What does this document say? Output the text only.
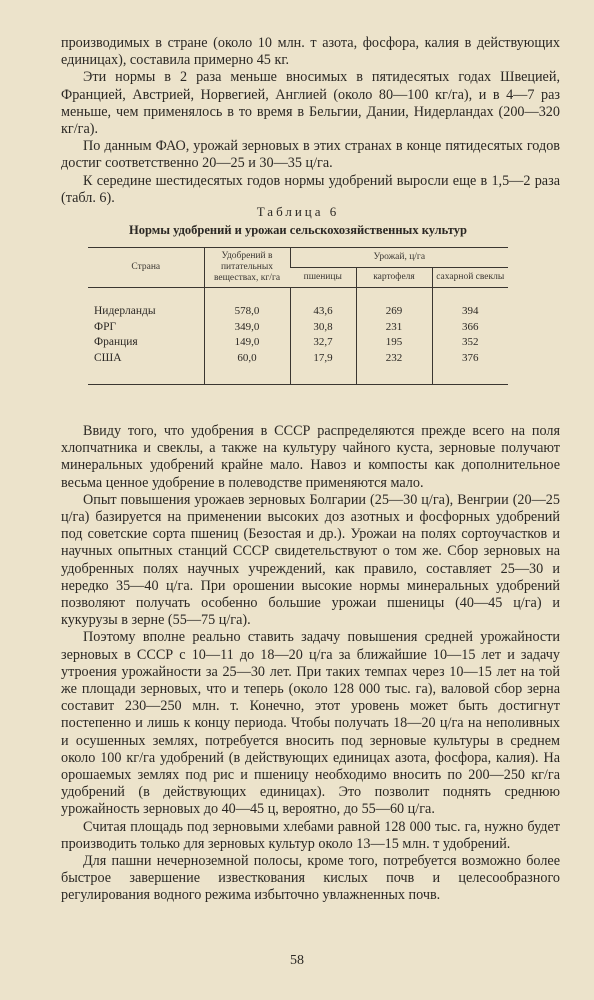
производимых в стране (около 10 млн. т азота, фосфора, калия в действующих единицах), составила примерно 45 кг.

Эти нормы в 2 раза меньше вносимых в пятидесятых годах Швецией, Францией, Австрией, Норвегией, Англией (около 80—100 кг/га), и в 4—7 раз меньше, чем применялось в то время в Бельгии, Дании, Нидерландах (200—320 кг/га).

По данным ФАО, урожай зерновых в этих странах в конце пятидесятых годов достиг соответственно 20—25 и 30—35 ц/га.

К середине шестидесятых годов нормы удобрений выросли еще в 1,5—2 раза (табл. 6).

Таблица 6
Нормы удобрений и урожаи сельскохозяйственных культур
Страна	Удобрений в питательных веществах, кг/га	Урожай, ц/га		
		пшеницы	картофеля	сахарной свеклы
Нидерланды	578,0	43,6	269	394
ФРГ	349,0	30,8	231	366
Франция	149,0	32,7	195	352
США	60,0	17,9	232	376

Ввиду того, что удобрения в СССР распределяются прежде всего на поля хлопчатника и свеклы, а также на культуру чайного куста, зерновые получают минеральных удобрений крайне мало. Навоз и компосты как дополнительное весьма ценное удобрение в полеводстве применяются мало.

Опыт повышения урожаев зерновых Болгарии (25—30 ц/га), Венгрии (20—25 ц/га) базируется на применении высоких доз азотных и фосфорных удобрений под советские сорта пшениц (Безостая и др.). Урожаи на полях сортоучастков и научных опытных станций СССР свидетельствуют о том же. Сбор зерновых на удобренных полях научных учреждений, как правило, составляет 25—30 и нередко 35—40 ц/га. При орошении высокие нормы минеральных удобрений позволяют получать особенно большие урожаи пшеницы (40—45 ц/га) и кукурузы в зерне (55—75 ц/га).

Поэтому вполне реально ставить задачу повышения средней урожайности зерновых в СССР с 10—11 до 18—20 ц/га за ближайшие 10—15 лет и задачу утроения урожайности за 25—30 лет. При таких темпах через 10—15 лет на той же площади зерновых, что и теперь (около 128 000 тыс. га), валовой сбор зерна составит 230—250 млн. т. Конечно, этот уровень может быть достигнут постепенно и лишь к концу периода. Чтобы получать 18—20 ц/га на неполивных и осушенных землях, потребуется вносить под зерновые культуры в среднем около 100 кг/га удобрений (в действующих единицах азота, фосфора, калия). На орошаемых землях под рис и пшеницу необходимо вносить по 200—250 кг/га удобрений (в действующих единицах). Это позволит поднять среднюю урожайность зерновых до 40—45 ц, вероятно, до 55—60 ц/га.

Считая площадь под зерновыми хлебами равной 128 000 тыс. га, нужно будет производить только для зерновых культур около 13—15 млн. т удобрений.

Для пашни нечерноземной полосы, кроме того, потребуется возможно более быстрое завершение известкования кислых почв и целесообразного регулирования водного режима избыточно увлажненных почв.

58
